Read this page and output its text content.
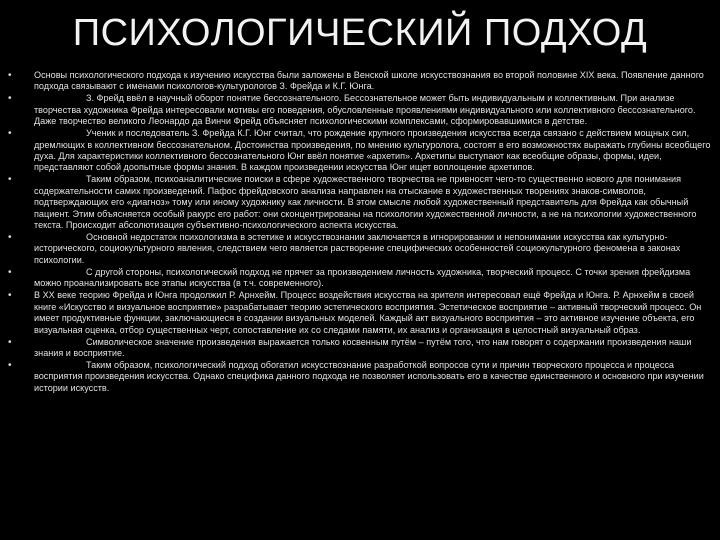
ПСИХОЛОГИЧЕСКИЙ ПОДХОД
• Основы психологического подхода к изучению искусства были заложены в Венской школе искусствознания во второй половине XIX века. Появление данного подхода связывают с именами психологов-культурологов З. Фрейда и К.Г. Юнга.
•	З. Фрейд ввёл в научный оборот понятие бессознательного. Бессознательное может быть индивидуальным и коллективным. При анализе творчества художника Фрейда интересовали мотивы его поведения, обусловленные проявлениями индивидуального или коллективного бессознательного. Даже творчество великого Леонардо да Винчи Фрейд объясняет психологическими комплексами, сформировавшимися в детстве.
•	Ученик и последователь З. Фрейда К.Г. Юнг считал, что рождение крупного произведения искусства всегда связано с действием мощных сил, дремлющих в коллективном бессознательном. Достоинства произведения, по мнению культуролога, состоят в его возможностях выражать глубины всеобщего духа. Для характеристики коллективного бессознательного Юнг ввёл понятие «архетип». Архетипы выступают как всеобщие образы, формы, идеи, представляют собой доопытные формы знания. В каждом произведении искусства Юнг ищет воплощение архетипов.
•	Таким образом, психоаналитические поиски в сфере художественного творчества не привносят чего-то существенно нового для понимания содержательности самих произведений. Пафос фрейдовского анализа направлен на отыскание в художественных творениях знаков-символов, подтверждающих его «диагноз» тому или иному художнику как личности. В этом смысле любой художественный представитель для Фрейда как обычный пациент. Этим объясняется особый ракурс его работ: они сконцентрированы на психологии художественной личности, а не на психологии художественного текста. Происходит абсолютизация субъективно-психологического аспекта искусства.
•	Основной недостаток психологизма в эстетике и искусствознании заключается в игнорировании и непонимании искусства как культурно-исторического, социокультурного явления, следствием чего является растворение специфических особенностей социокультурного феномена в законах психологии.
•	С другой стороны, психологический подход не прячет за произведением личность художника, творческий процесс. С точки зрения фрейдизма можно проанализировать все этапы искусства (в т.ч. современного).
• В XX веке теорию Фрейда и Юнга продолжил Р. Арнхейм. Процесс воздействия искусства на зрителя интересовал ещё Фрейда и Юнга. Р. Арнхейм в своей книге «Искусство и визуальное восприятие» разрабатывает теорию эстетического восприятия. Эстетическое восприятие – активный творческий процесс. Он имеет продуктивные функции, заключающиеся в создании визуальных моделей. Каждый акт визуального восприятия – это активное изучение объекта, его визуальная оценка, отбор существенных черт, сопоставление их со следами памяти, их анализ и организация в целостный визуальный образ.
•	Символическое значение произведения выражается только косвенным путём – путём того, что нам говорят о содержании произведения наши знания и восприятие.
•	Таким образом, психологический подход обогатил искусствознание разработкой вопросов сути и причин творческого процесса и процесса восприятия произведения искусства. Однако специфика данного подхода не позволяет использовать его в качестве единственного и основного при изучении истории искусств.
